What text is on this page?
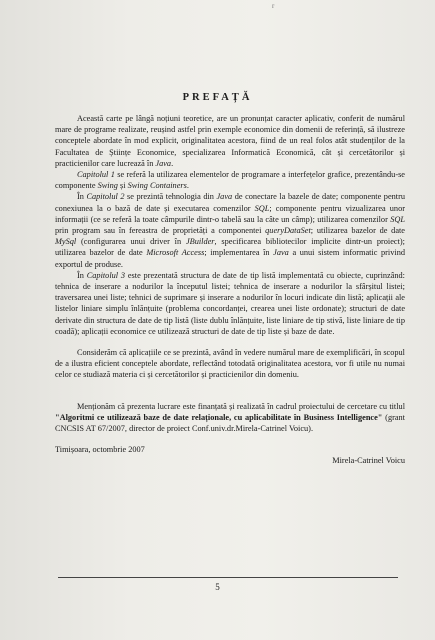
r
PREFAȚĂ

Această carte pe lângă noțiuni teoretice, are un pronunțat caracter aplicativ, conferit de numărul mare de programe realizate, reușind astfel prin exemple economice din domenii de referință, să ilustreze conceptele abordate în mod explicit, originalitatea acestora, fiind de un real folos atât studenților de la Facultatea de Științe Economice, specializarea Informatică Economică, cât și cercetătorilor și practicienilor care lucrează în Java.

Capitolul 1 se referă la utilizarea elementelor de programare a interfețelor grafice, prezentându-se componente Swing și Swing Containers.

În Capitolul 2 se prezintă tehnologia din Java de conectare la bazele de date; componente pentru conexiunea la o bază de date și executarea comenzilor SQL; componente pentru vizualizarea unor informații (ce se referă la toate câmpurile dintr-o tabelă sau la câte un câmp); utilizarea comenzilor SQL prin program sau în fereastra de proprietăți a componentei queryDataSet; utilizarea bazelor de date MySql (configurarea unui driver în JBuilder, specificarea bibliotecilor implicite dintr-un proiect); utilizarea bazelor de date Microsoft Access; implementarea în Java a unui sistem informatic privind exportul de produse.

În Capitolul 3 este prezentată structura de date de tip listă implementată cu obiecte, cuprinzând: tehnica de inserare a nodurilor la începutul listei; tehnica de inserare a nodurilor la sfârșitul listei; traversarea unei liste; tehnici de suprimare și inserare a nodurilor în locuri indicate din listă; aplicații ale listelor liniare simplu înlănțuite (problema concordanței, crearea unei liste ordonate); structuri de date derivate din structura de date de tip listă (liste dublu înlănțuite, liste liniare de tip stivă, liste liniare de tip coadă); aplicații economice ce utilizează structuri de date de tip liste și baze de date.

Considerăm că aplicațiile ce se prezintă, având în vedere numărul mare de exemplificări, în scopul de a ilustra eficient conceptele abordate, reflectând totodată originalitatea acestora, vor fi utile nu numai celor ce studiază materia ci și cercetătorilor și practicienilor din domeniu.

Menționăm că prezenta lucrare este finanțată și realizată în cadrul proiectului de cercetare cu titlul "Algoritmi ce utilizează baze de date relaționale, cu aplicabilitate în Business Intelligence" (grant CNCSIS AT 67/2007, director de proiect Conf.univ.dr.Mirela-Catrinel Voicu).

Timișoara, octombrie 2007
Mirela-Catrinel Voicu
5
